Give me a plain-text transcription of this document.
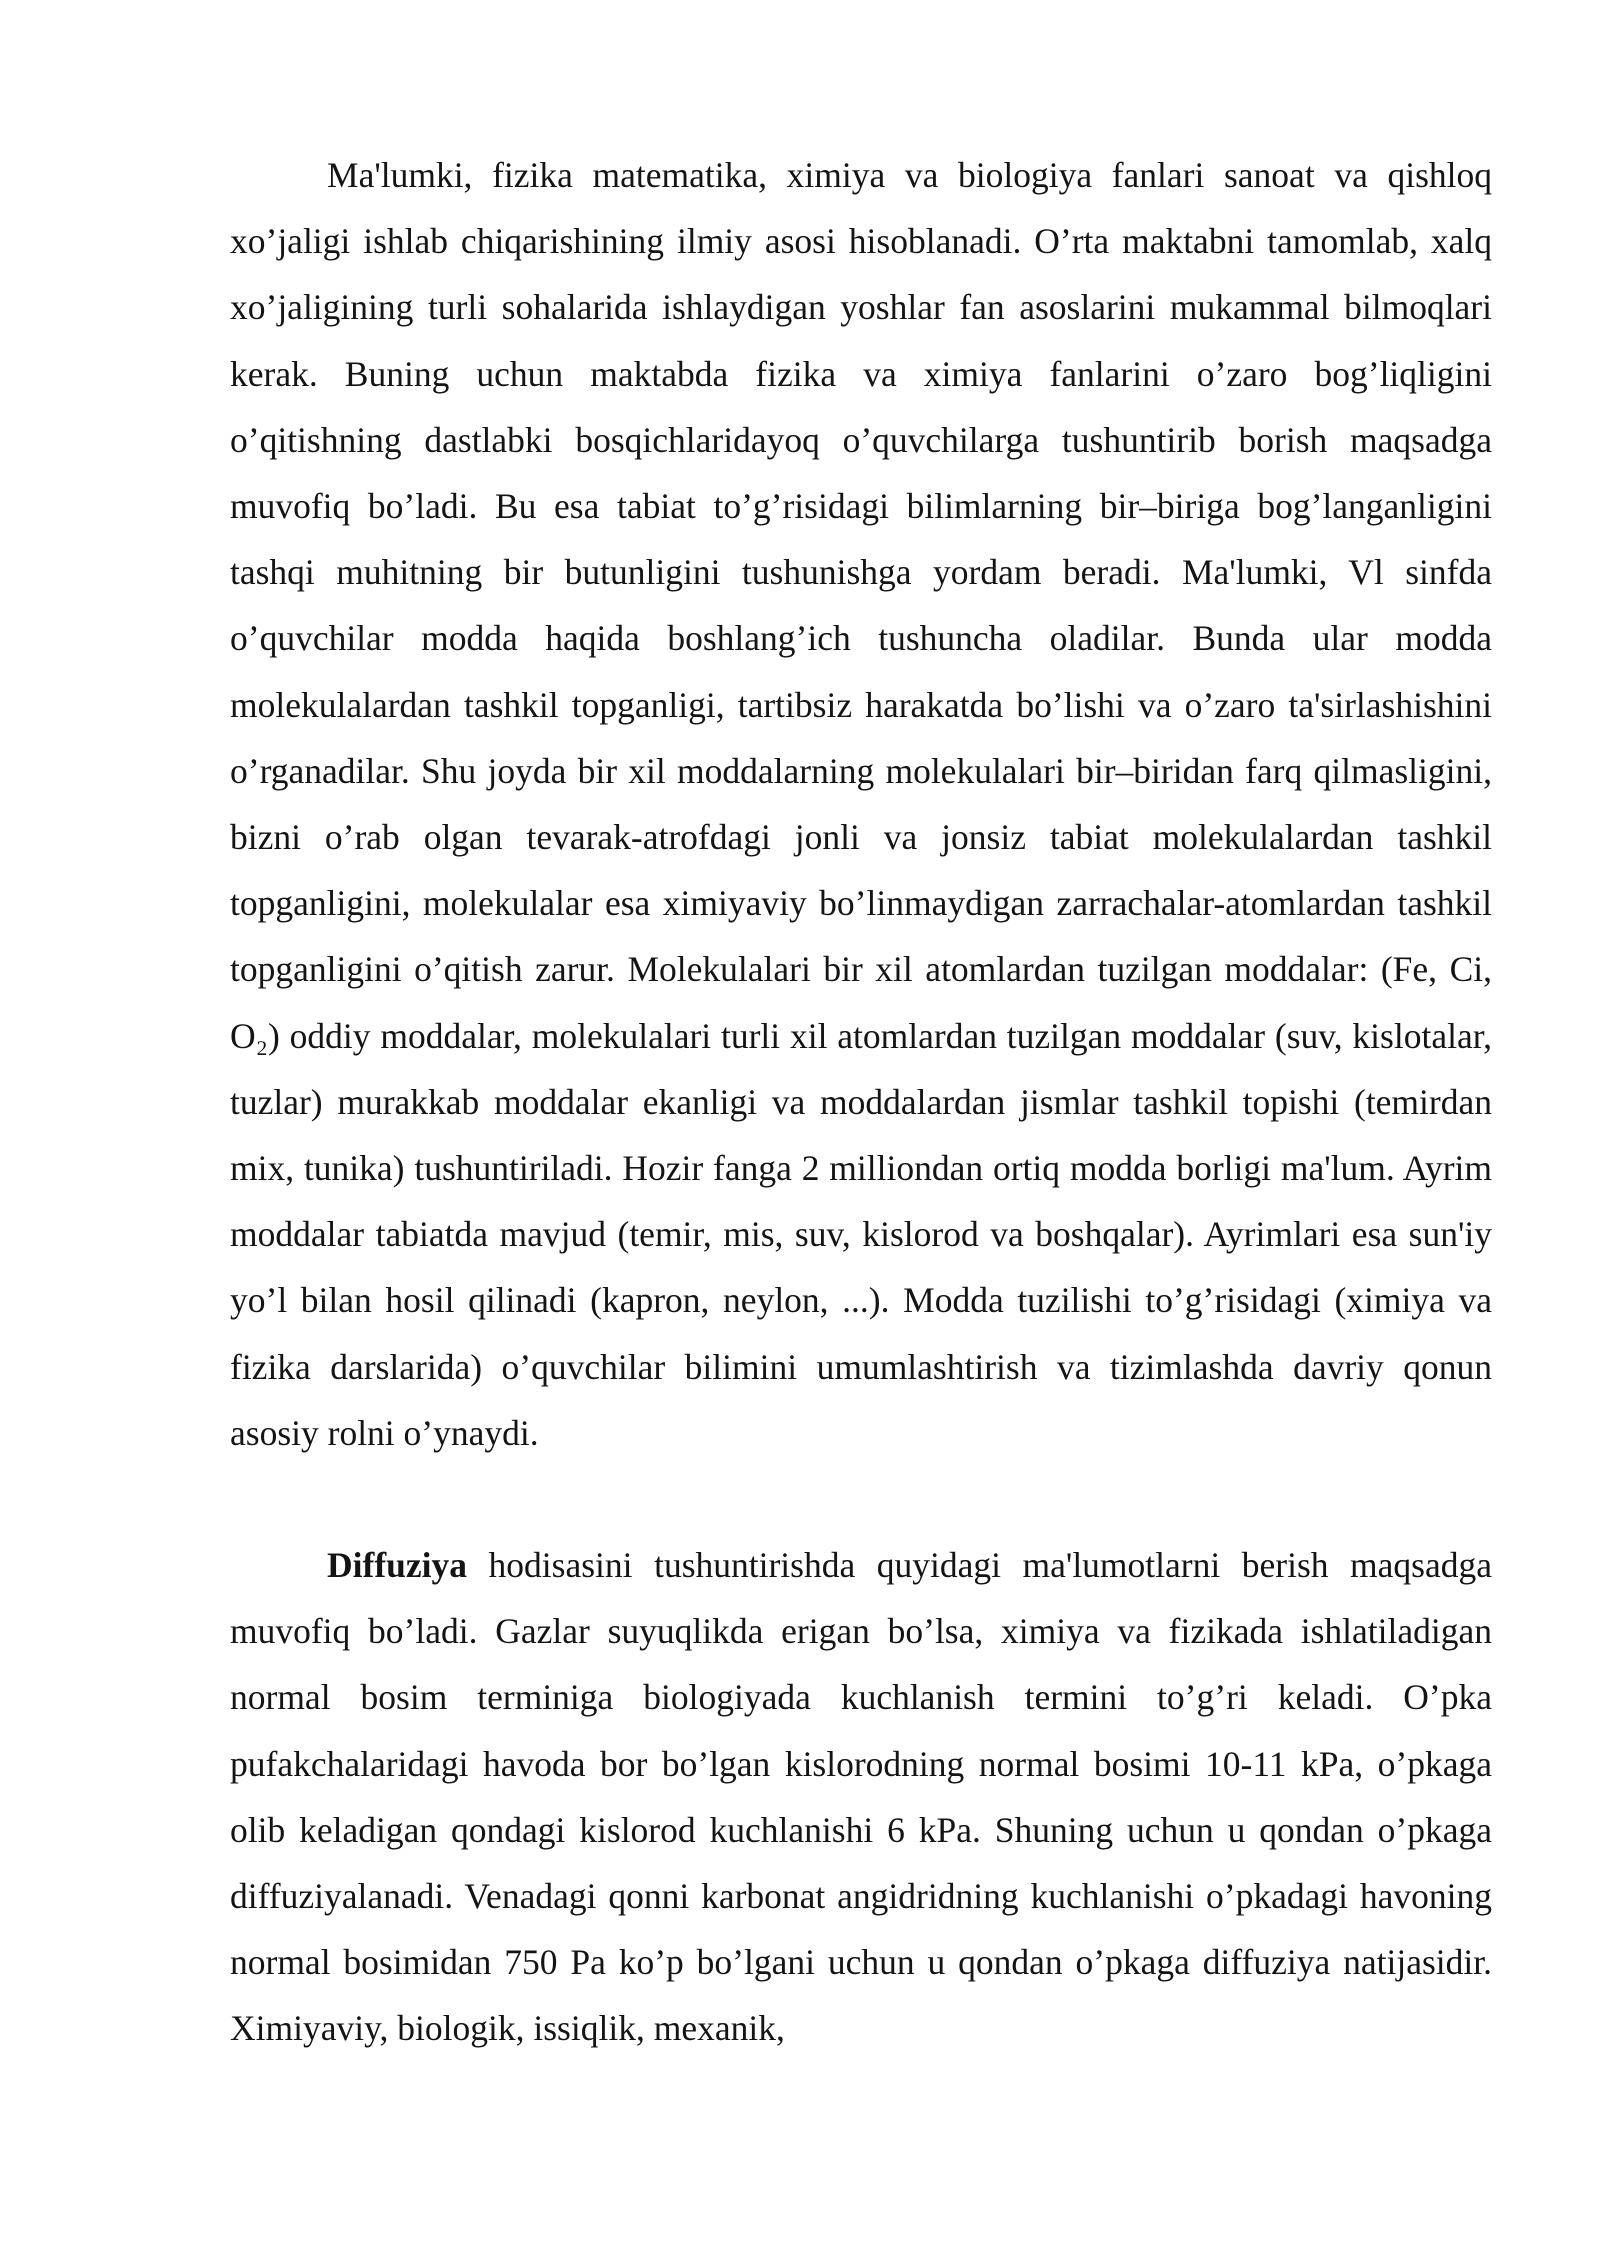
Ma'lumki, fizika matematika, ximiya va biologiya fanlari sanoat va qishloq xo’jaligi ishlab chiqarishining ilmiy asosi hisoblanadi. O’rta maktabni tamomlab, xalq xo’jaligining turli sohalarida ishlaydigan yoshlar fan asoslarini mukammal bilmoqlari kerak. Buning uchun maktabda fizika va ximiya fanlarini o’zaro bog’liqligini o’qitishning dastlabki bosqichlaridayoq o’quvchilarga tushuntirib borish maqsadga muvofiq bo’ladi. Bu esa tabiat to’g’risidagi bilimlarning bir–biriga bog’langanligini tashqi muhitning bir butunligini tushunishga yordam beradi. Ma'lumki, Vl sinfda o’quvchilar modda haqida boshlang’ich tushuncha oladilar. Bunda ular modda molekulalardan tashkil topganligi, tartibsiz harakatda bo’lishi va o’zaro ta'sirlashishini o’rganadilar. Shu joyda bir xil moddalarning molekulalari bir–biridan farq qilmasligini, bizni o’rab olgan tevarak-atrofdagi jonli va jonsiz tabiat molekulalardan tashkil topganligini, molekulalar esa ximiyaviy bo’linmaydigan zarrachalar-atomlardan tashkil topganligini o’qitish zarur. Molekulalari bir xil atomlardan tuzilgan moddalar: (Fe, Ci, O₂) oddiy moddalar, molekulalari turli xil atomlardan tuzilgan moddalar (suv, kislotalar, tuzlar) murakkab moddalar ekanligi va moddalardan jismlar tashkil topishi (temirdan mix, tunika) tushuntiriladi. Hozir fanga 2 milliondan ortiq modda borligi ma'lum. Ayrim moddalar tabiatda mavjud (temir, mis, suv, kislorod va boshqalar). Ayrimlari esa sun'iy yo’l bilan hosil qilinadi (kapron, neylon, ...). Modda tuzilishi to’g’risidagi (ximiya va fizika darslarida) o’quvchilar bilimini umumlashtirish va tizimlashda davriy qonun asosiy rolni o’ynaydi.

Diffuziya hodisasini tushuntirishda quyidagi ma'lumotlarni berish maqsadga muvofiq bo’ladi. Gazlar suyuqlikda erigan bo’lsa, ximiya va fizikada ishlatiladigan normal bosim terminiga biologiyada kuchlanish termini to’g’ri keladi. O’pka pufakchalaridagi havoda bor bo’lgan kislorodning normal bosimi 10-11 kPa, o’pkaga olib keladigan qondagi kislorod kuchlanishi 6 kPa. Shuning uchun u qondan o’pkaga diffuziyalanadi. Venadagi qonni karbonat angidridning kuchlanishi o’pkadagi havoning normal bosimidan 750 Pa ko’p bo’lgani uchun u qondan o’pkaga diffuziya natijasidir. Ximiyaviy, biologik, issiqlik, mexanik,
